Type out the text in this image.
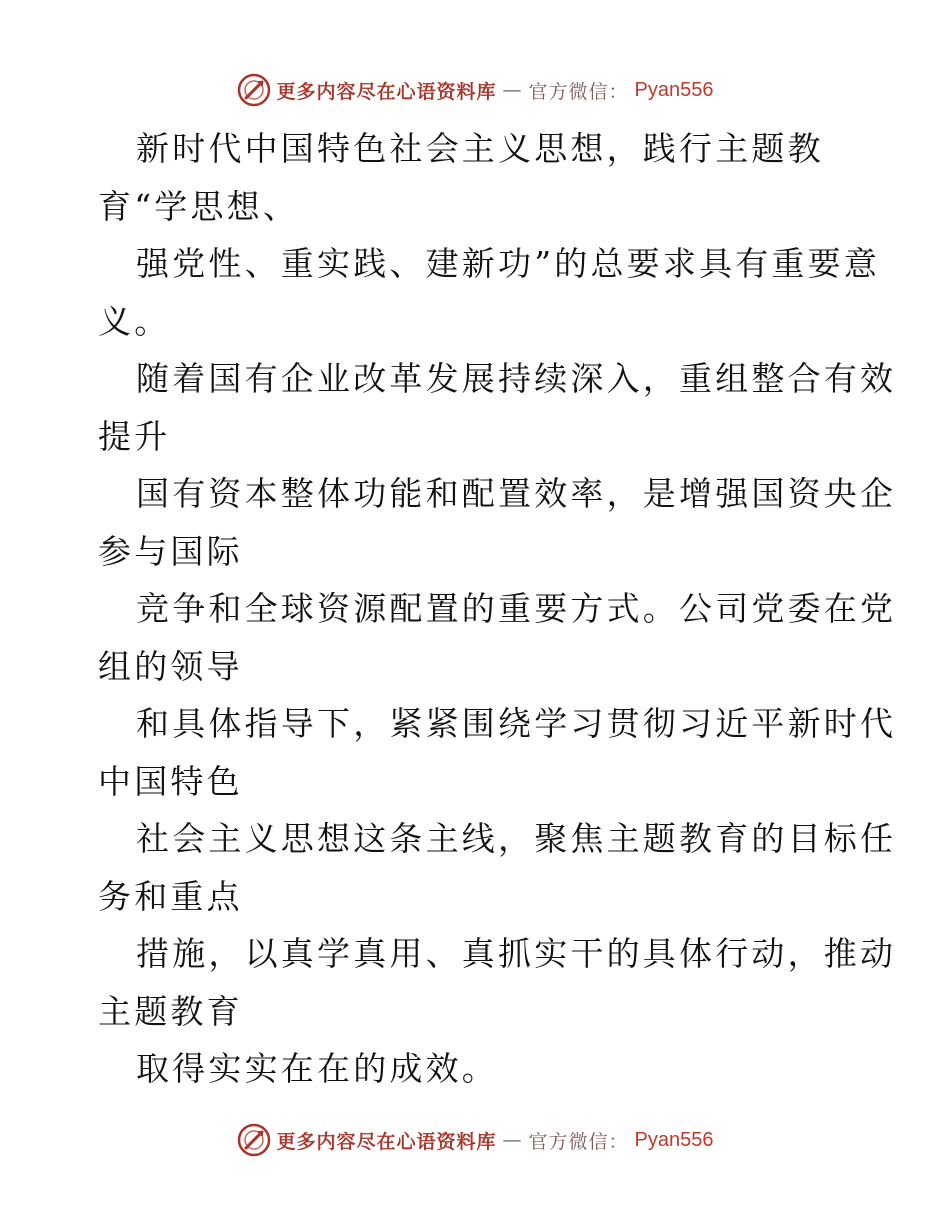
更多内容尽在心语资料库 — 官方微信： Pyan556
新时代中国特色社会主义思想，践行主题教
育“学思想、
强党性、重实践、建新功”的总要求具有重要意
义。
随着国有企业改革发展持续深入，重组整合有效
提升
国有资本整体功能和配置效率，是增强国资央企
参与国际
竞争和全球资源配置的重要方式。公司党委在党
组的领导
和具体指导下，紧紧围绕学习贯彻习近平新时代
中国特色
社会主义思想这条主线，聚焦主题教育的目标任
务和重点
措施，以真学真用、真抓实干的具体行动，推动
主题教育
取得实实在在的成效。
更多内容尽在心语资料库 — 官方微信： Pyan556
